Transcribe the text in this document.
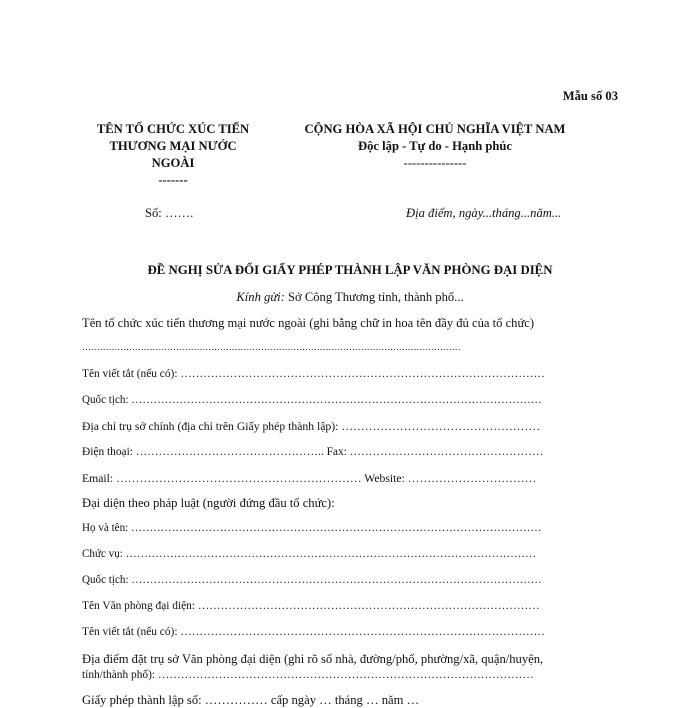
Mẫu số 03
TÊN TỔ CHỨC XÚC TIẾN
THƯƠNG MẠI NƯỚC
NGOÀI
-------
CỘNG HÒA XÃ HỘI CHỦ NGHĨA VIỆT NAM
Độc lập - Tự do - Hạnh phúc
---------------
Số: …….	Địa điểm, ngày...tháng...năm...
ĐỀ NGHỊ SỬA ĐỔI GIẤY PHÉP THÀNH LẬP VĂN PHÒNG ĐẠI DIỆN
Kính gửi: Sở Công Thương tỉnh, thành phố...
Tên tổ chức xúc tiến thương mại nước ngoài (ghi bằng chữ in hoa tên đầy đủ của tổ chức)
…………………………………………………………………………………………………………………
Tên viết tắt (nếu có): ……………………………………………………………………………………
Quốc tịch: …………………………………………………………………………………………………
Địa chỉ trụ sở chính (địa chỉ trên Giấy phép thành lập): ……………………………………………
Điện thoại: ………………………………………….. Fax: ……………………………………………
Email: ……………………………………………………… Website: ……………………………
Đại diện theo pháp luật (người đứng đầu tổ chức):
Họ và tên: …………………………………………………………………………………………………
Chức vụ: …………………………………………………………………………………………………
Quốc tịch: …………………………………………………………………………………………………
Tên Văn phòng đại diện: ………………………………………………………………………………
Tên viết tắt (nếu có): ……………………………………………………………………………………
Địa điểm đặt trụ sở Văn phòng đại diện (ghi rõ số nhà, đường/phố, phường/xã, quận/huyện,
tỉnh/thành phố): ………………………………………………………………………………………
Giấy phép thành lập số: …………… cấp ngày … tháng … năm …
